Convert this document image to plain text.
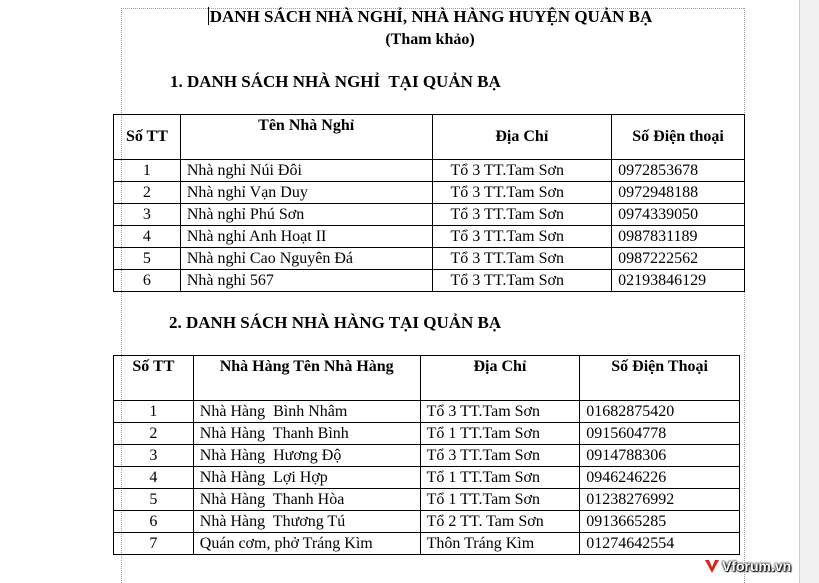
DANH SÁCH NHÀ NGHỈ, NHÀ HÀNG HUYỆN QUẢN BẠ
(Tham khảo)
1. DANH SÁCH NHÀ NGHỈ  TẠI QUẢN BẠ
Số TT	Tên Nhà Nghỉ	Địa Chỉ	Số Điện thoại
1	Nhà nghỉ Núi Đôi	Tổ 3 TT.Tam Sơn	0972853678
2	Nhà nghỉ Vạn Duy	Tổ 3 TT.Tam Sơn	0972948188
3	Nhà nghỉ Phú Sơn	Tổ 3 TT.Tam Sơn	0974339050
4	Nhà nghỉ Anh Hoạt II	Tổ 3 TT.Tam Sơn	0987831189
5	Nhà nghỉ Cao Nguyên Đá	Tổ 3 TT.Tam Sơn	0987222562
6	Nhà nghỉ 567	Tổ 3 TT.Tam Sơn	02193846129
2. DANH SÁCH NHÀ HÀNG TẠI QUẢN BẠ
Số TT	Nhà Hàng Tên Nhà Hàng	Địa Chỉ	Số Điện Thoại
1	Nhà Hàng  Bình Nhâm	Tổ 3 TT.Tam Sơn	01682875420
2	Nhà Hàng  Thanh Bình	Tổ 1 TT.Tam Sơn	0915604778
3	Nhà Hàng  Hương Độ	Tổ 3 TT.Tam Sơn	0914788306
4	Nhà Hàng  Lợi Hợp	Tổ 1 TT.Tam Sơn	0946246226
5	Nhà Hàng  Thanh Hòa	Tổ 1 TT.Tam Sơn	01238276992
6	Nhà Hàng  Thương Tú	Tổ 2 TT. Tam Sơn	0913665285
7	Quán cơm, phở Tráng Kìm	Thôn Tráng Kìm	01274642554
Vforum.vn
